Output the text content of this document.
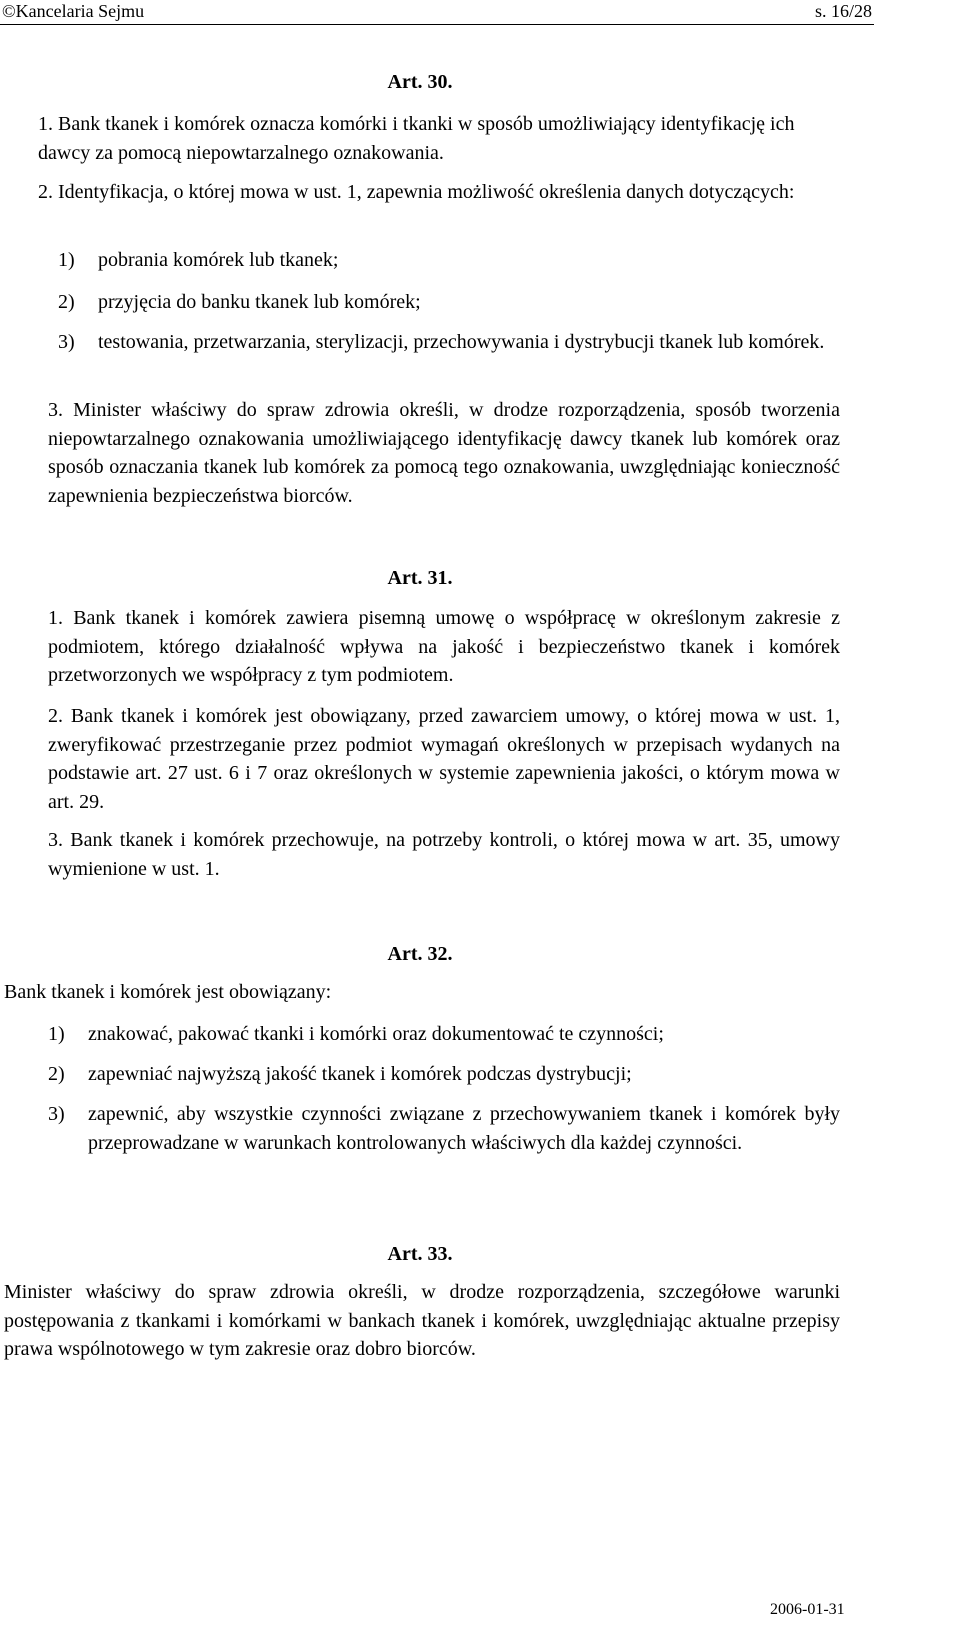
©Kancelaria Sejmu	s. 16/28
Art. 30.

1. Bank tkanek i komórek oznacza komórki i tkanki w sposób umożliwiający identyfikację ich dawcy za pomocą niepowtarzalnego oznakowania.

2. Identyfikacja, o której mowa w ust. 1, zapewnia możliwość określenia danych dotyczących:

1) pobrania komórek lub tkanek;
2) przyjęcia do banku tkanek lub komórek;
3) testowania, przetwarzania, sterylizacji, przechowywania i dystrybucji tkanek lub komórek.

3. Minister właściwy do spraw zdrowia określi, w drodze rozporządzenia, sposób tworzenia niepowtarzalnego oznakowania umożliwiającego identyfikację dawcy tkanek lub komórek oraz sposób oznaczania tkanek lub komórek za pomocą tego oznakowania, uwzględniając konieczność zapewnienia bezpieczeństwa biorców.

Art. 31.

1. Bank tkanek i komórek zawiera pisemną umowę o współpracę w określonym zakresie z podmiotem, którego działalność wpływa na jakość i bezpieczeństwo tkanek i komórek przetworzonych we współpracy z tym podmiotem.

2. Bank tkanek i komórek jest obowiązany, przed zawarciem umowy, o której mowa w ust. 1, zweryfikować przestrzeganie przez podmiot wymagań określonych w przepisach wydanych na podstawie art. 27 ust. 6 i 7 oraz określonych w systemie zapewnienia jakości, o którym mowa w art. 29.

3. Bank tkanek i komórek przechowuje, na potrzeby kontroli, o której mowa w art. 35, umowy wymienione w ust. 1.

Art. 32.

Bank tkanek i komórek jest obowiązany:

1) znakować, pakować tkanki i komórki oraz dokumentować te czynności;
2) zapewniać najwyższą jakość tkanek i komórek podczas dystrybucji;
3) zapewnić, aby wszystkie czynności związane z przechowywaniem tkanek i komórek były przeprowadzane w warunkach kontrolowanych właściwych dla każdej czynności.
Art. 33.

Minister właściwy do spraw zdrowia określi, w drodze rozporządzenia, szczegółowe warunki postępowania z tkankami i komórkami w bankach tkanek i komórek, uwzględniając aktualne przepisy prawa wspólnotowego w tym zakresie oraz dobro biorców.

2006-01-31
